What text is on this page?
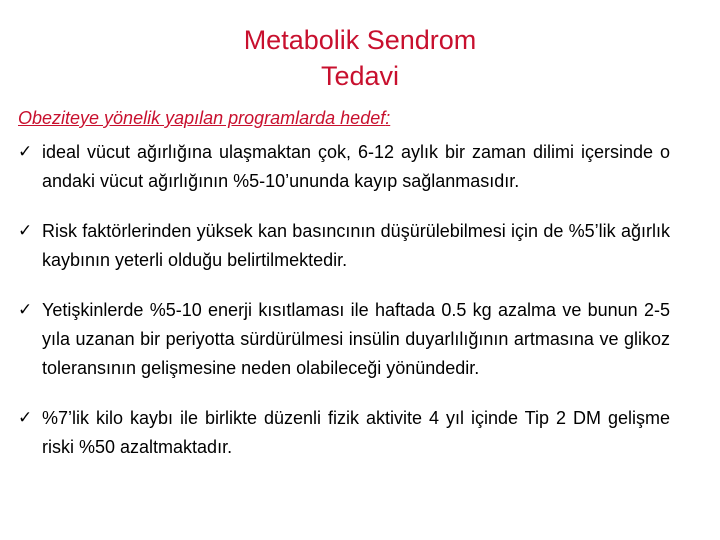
Metabolik Sendrom
Tedavi
Obeziteye yönelik yapılan programlarda hedef:
✓ ideal vücut ağırlığına ulaşmaktan çok, 6-12 aylık bir zaman dilimi içersinde o andaki vücut ağırlığının %5-10’ununda kayıp sağlanmasıdır.
✓ Risk faktörlerinden yüksek kan basıncının düşürülebilmesi için de %5’lik ağırlık kaybının yeterli olduğu belirtilmektedir.
✓ Yetişkinlerde %5-10 enerji kısıtlaması ile haftada 0.5 kg azalma ve bunun 2-5 yıla uzanan bir periyotta sürdürülmesi insülin duyarlılığının artmasına ve glikoz toleransının gelişmesine neden olabileceği yönündedir.
✓ %7’lik kilo kaybı ile birlikte düzenli fizik aktivite 4 yıl içinde Tip 2 DM gelişme riski %50 azaltmaktadır.
